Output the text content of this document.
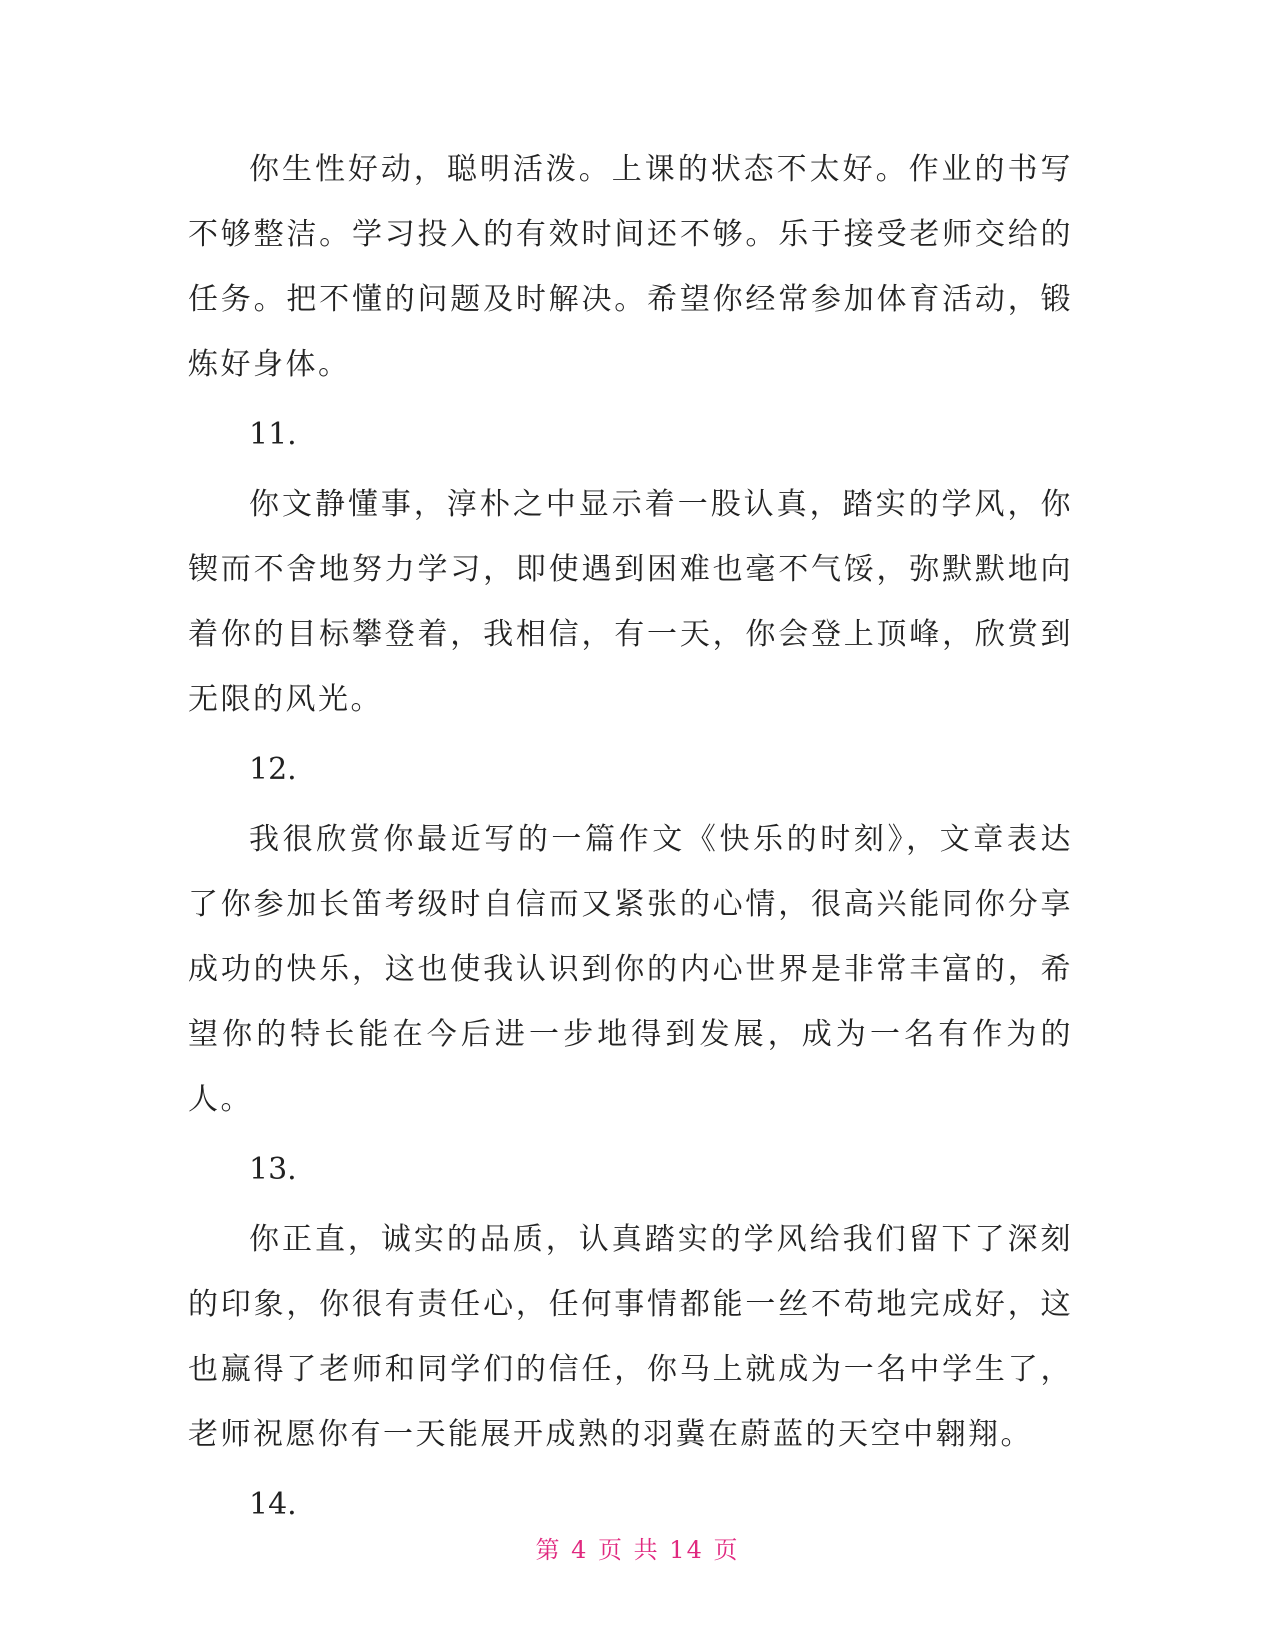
你生性好动，聪明活泼。上课的状态不太好。作业的书写不够整洁。学习投入的有效时间还不够。乐于接受老师交给的任务。把不懂的问题及时解决。希望你经常参加体育活动，锻炼好身体。

11.

你文静懂事，淳朴之中显示着一股认真，踏实的学风，你锲而不舍地努力学习，即使遇到困难也毫不气馁，弥默默地向着你的目标攀登着，我相信，有一天，你会登上顶峰，欣赏到无限的风光。

12.

我很欣赏你最近写的一篇作文《快乐的时刻》，文章表达了你参加长笛考级时自信而又紧张的心情，很高兴能同你分享成功的快乐，这也使我认识到你的内心世界是非常丰富的，希望你的特长能在今后进一步地得到发展，成为一名有作为的人。

13.

你正直，诚实的品质，认真踏实的学风给我们留下了深刻的印象，你很有责任心，任何事情都能一丝不苟地完成好，这也赢得了老师和同学们的信任，你马上就成为一名中学生了，老师祝愿你有一天能展开成熟的羽冀在蔚蓝的天空中翱翔。

14.

第 4 页 共 14 页
